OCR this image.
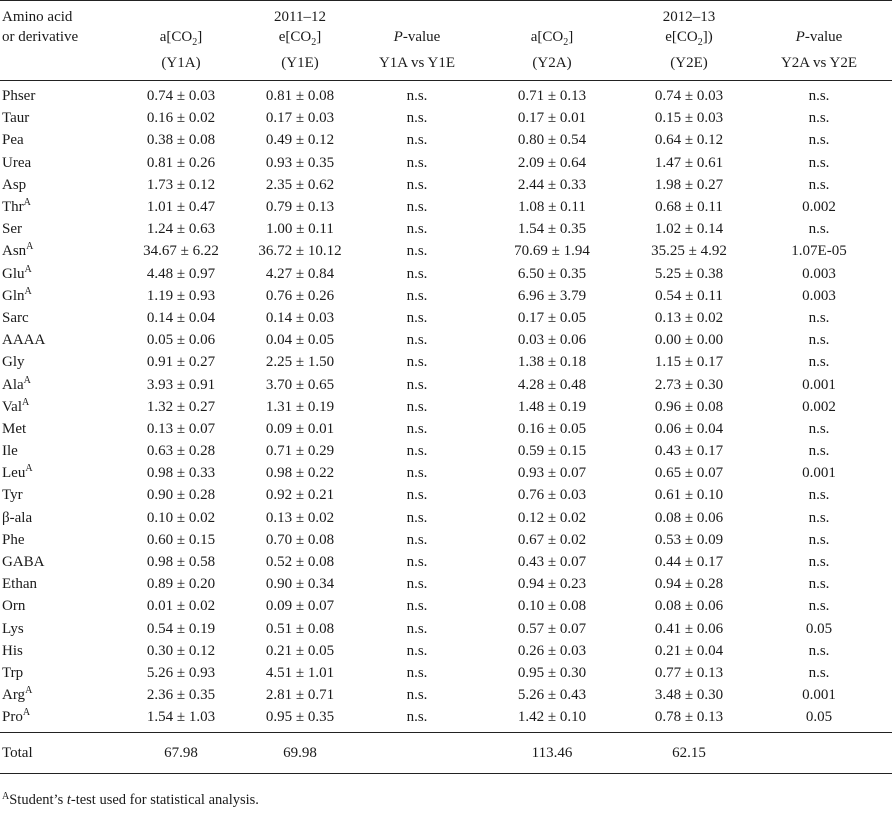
Amino acid		2011–12			2012–13	
or derivative	$a[CO_2]$	$e[CO_2]$	P-value	$a[CO_2]$	$e[CO_2]$)	P-value
	(Y1A)	(Y1E)	Y1A vs Y1E	(Y2A)	(Y2E)	Y2A vs Y2E
Phser	0.74 ± 0.03	0.81 ± 0.08	n.s.	0.71 ± 0.13	0.74 ± 0.03	n.s.
Taur	0.16 ± 0.02	0.17 ± 0.03	n.s.	0.17 ± 0.01	0.15 ± 0.03	n.s.
Pea	0.38 ± 0.08	0.49 ± 0.12	n.s.	0.80 ± 0.54	0.64 ± 0.12	n.s.
Urea	0.81 ± 0.26	0.93 ± 0.35	n.s.	2.09 ± 0.64	1.47 ± 0.61	n.s.
Asp	1.73 ± 0.12	2.35 ± 0.62	n.s.	2.44 ± 0.33	1.98 ± 0.27	n.s.
Thr$^A$	1.01 ± 0.47	0.79 ± 0.13	n.s.	1.08 ± 0.11	0.68 ± 0.11	0.002
Ser	1.24 ± 0.63	1.00 ± 0.11	n.s.	1.54 ± 0.35	1.02 ± 0.14	n.s.
Asn$^A$	34.67 ± 6.22	36.72 ± 10.12	n.s.	70.69 ± 1.94	35.25 ± 4.92	1.07E-05
Glu$^A$	4.48 ± 0.97	4.27 ± 0.84	n.s.	6.50 ± 0.35	5.25 ± 0.38	0.003
Gln$^A$	1.19 ± 0.93	0.76 ± 0.26	n.s.	6.96 ± 3.79	0.54 ± 0.11	0.003
Sarc	0.14 ± 0.04	0.14 ± 0.03	n.s.	0.17 ± 0.05	0.13 ± 0.02	n.s.
AAAA	0.05 ± 0.06	0.04 ± 0.05	n.s.	0.03 ± 0.06	0.00 ± 0.00	n.s.
Gly	0.91 ± 0.27	2.25 ± 1.50	n.s.	1.38 ± 0.18	1.15 ± 0.17	n.s.
Ala$^A$	3.93 ± 0.91	3.70 ± 0.65	n.s.	4.28 ± 0.48	2.73 ± 0.30	0.001
Val$^A$	1.32 ± 0.27	1.31 ± 0.19	n.s.	1.48 ± 0.19	0.96 ± 0.08	0.002
Met	0.13 ± 0.07	0.09 ± 0.01	n.s.	0.16 ± 0.05	0.06 ± 0.04	n.s.
Ile	0.63 ± 0.28	0.71 ± 0.29	n.s.	0.59 ± 0.15	0.43 ± 0.17	n.s.
Leu$^A$	0.98 ± 0.33	0.98 ± 0.22	n.s.	0.93 ± 0.07	0.65 ± 0.07	0.001
Tyr	0.90 ± 0.28	0.92 ± 0.21	n.s.	0.76 ± 0.03	0.61 ± 0.10	n.s.
β-ala	0.10 ± 0.02	0.13 ± 0.02	n.s.	0.12 ± 0.02	0.08 ± 0.06	n.s.
Phe	0.60 ± 0.15	0.70 ± 0.08	n.s.	0.67 ± 0.02	0.53 ± 0.09	n.s.
GABA	0.98 ± 0.58	0.52 ± 0.08	n.s.	0.43 ± 0.07	0.44 ± 0.17	n.s.
Ethan	0.89 ± 0.20	0.90 ± 0.34	n.s.	0.94 ± 0.23	0.94 ± 0.28	n.s.
Orn	0.01 ± 0.02	0.09 ± 0.07	n.s.	0.10 ± 0.08	0.08 ± 0.06	n.s.
Lys	0.54 ± 0.19	0.51 ± 0.08	n.s.	0.57 ± 0.07	0.41 ± 0.06	0.05
His	0.30 ± 0.12	0.21 ± 0.05	n.s.	0.26 ± 0.03	0.21 ± 0.04	n.s.
Trp	5.26 ± 0.93	4.51 ± 1.01	n.s.	0.95 ± 0.30	0.77 ± 0.13	n.s.
Arg$^A$	2.36 ± 0.35	2.81 ± 0.71	n.s.	5.26 ± 0.43	3.48 ± 0.30	0.001
Pro$^A$	1.54 ± 1.03	0.95 ± 0.35	n.s.	1.42 ± 0.10	0.78 ± 0.13	0.05
Total	67.98	69.98		113.46	62.15	
$^A$Student’s t-test used for statistical analysis.
